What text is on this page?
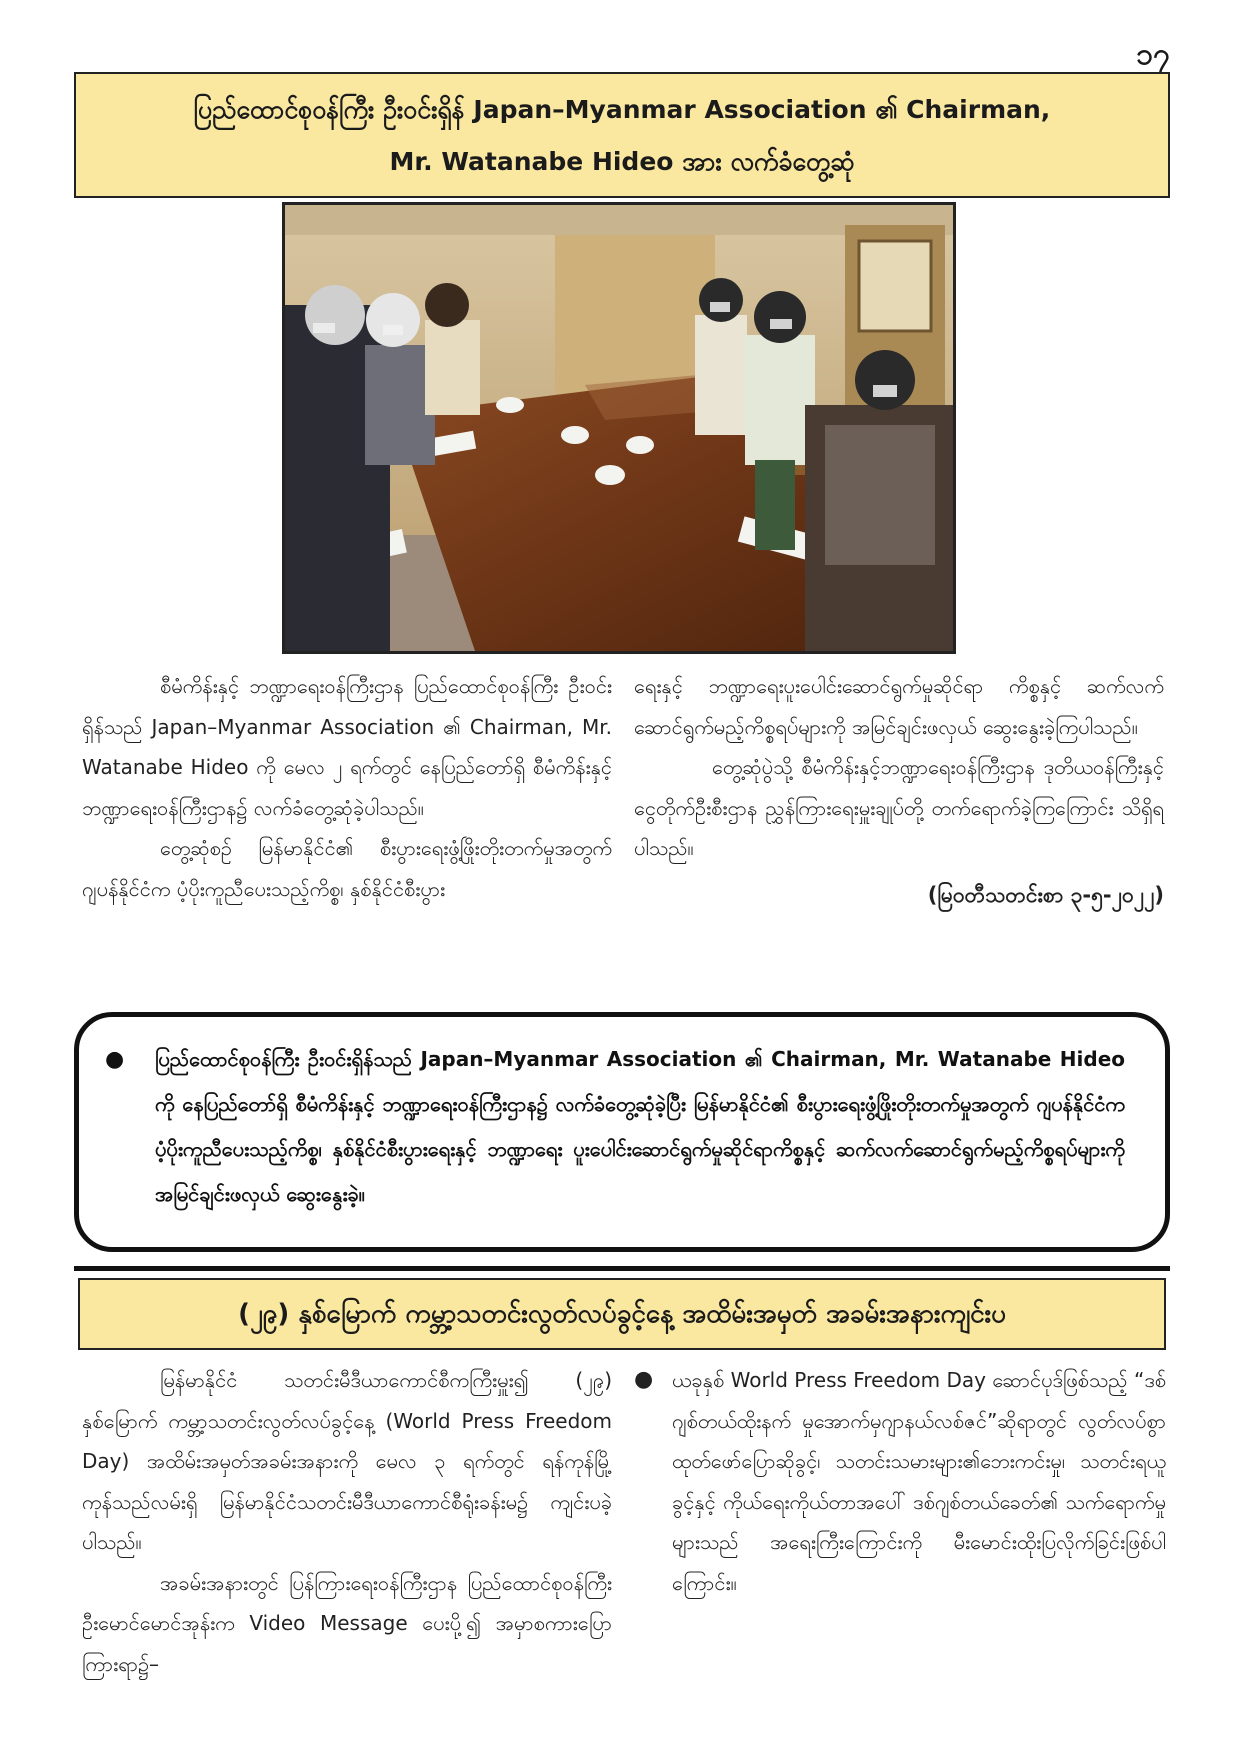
၁၇
ပြည်ထောင်စုဝန်ကြီး ဦးဝင်းရှိန် Japan–Myanmar Association ၏ Chairman,
Mr. Watanabe Hideo အား လက်ခံတွေ့ဆုံ

စီမံကိန်းနှင့် ဘဏ္ဍာရေးဝန်ကြီးဌာန ပြည်ထောင်စုဝန်ကြီး ဦးဝင်းရှိန်သည် Japan–Myanmar Association ၏ Chairman, Mr. Watanabe Hideo ကို မေလ ၂ ရက်တွင် နေပြည်တော်ရှိ စီမံကိန်းနှင့်ဘဏ္ဍာရေးဝန်ကြီးဌာန၌ လက်ခံတွေ့ဆုံခဲ့ပါသည်။

တွေ့ဆုံစဉ် မြန်မာနိုင်ငံ၏ စီးပွားရေးဖွံ့ဖြိုးတိုးတက်မှုအတွက် ဂျပန်နိုင်ငံက ပံ့ပိုးကူညီပေးသည့်ကိစ္စ၊ နှစ်နိုင်ငံစီးပွား

ရေးနှင့် ဘဏ္ဍာရေးပူးပေါင်းဆောင်ရွက်မှုဆိုင်ရာ ကိစ္စနှင့် ဆက်လက်ဆောင်ရွက်မည့်ကိစ္စရပ်များကို အမြင်ချင်းဖလှယ် ဆွေးနွေးခဲ့ကြပါသည်။

တွေ့ဆုံပွဲသို့ စီမံကိန်းနှင့်ဘဏ္ဍာရေးဝန်ကြီးဌာန ဒုတိယဝန်ကြီးနှင့် ငွေတိုက်ဦးစီးဌာန ညွှန်ကြားရေးမှူးချုပ်တို့ တက်ရောက်ခဲ့ကြကြောင်း သိရှိရပါသည်။

(မြဝတီသတင်းစာ ၃-၅-၂၀၂၂)

●	ပြည်ထောင်စုဝန်ကြီး ဦးဝင်းရှိန်သည် Japan–Myanmar Association ၏ Chairman, Mr. Watanabe Hideo ကို နေပြည်တော်ရှိ စီမံကိန်းနှင့် ဘဏ္ဍာရေးဝန်ကြီးဌာန၌ လက်ခံတွေ့ဆုံခဲ့ပြီး မြန်မာနိုင်ငံ၏ စီးပွားရေးဖွံ့ဖြိုးတိုးတက်မှုအတွက် ဂျပန်နိုင်ငံက ပံ့ပိုးကူညီပေးသည့်ကိစ္စ၊ နှစ်နိုင်ငံစီးပွားရေးနှင့် ဘဏ္ဍာရေး ပူးပေါင်းဆောင်ရွက်မှုဆိုင်ရာကိစ္စနှင့် ဆက်လက်ဆောင်ရွက်မည့်ကိစ္စရပ်များကို အမြင်ချင်းဖလှယ် ဆွေးနွေးခဲ့။
(၂၉) နှစ်မြောက် ကမ္ဘာ့သတင်းလွတ်လပ်ခွင့်နေ့ အထိမ်းအမှတ် အခမ်းအနားကျင်းပ

မြန်မာနိုင်ငံ သတင်းမီဒီယာကောင်စီကကြီးမှူး၍ (၂၉) နှစ်မြောက် ကမ္ဘာ့သတင်းလွတ်လပ်ခွင့်နေ့ (World Press Freedom Day) အထိမ်းအမှတ်အခမ်းအနားကို မေလ ၃ ရက်တွင် ရန်ကုန်မြို့ ကုန်သည်လမ်းရှိ မြန်မာနိုင်ငံသတင်းမီဒီယာကောင်စီရုံးခန်းမ၌ ကျင်းပခဲ့ပါသည်။

အခမ်းအနားတွင် ပြန်ကြားရေးဝန်ကြီးဌာန ပြည်ထောင်စုဝန်ကြီး ဦးမောင်မောင်အုန်းက Video Message ပေးပို့၍ အမှာစကားပြောကြားရာ၌–

● ယခုနှစ် World Press Freedom Day ဆောင်ပုဒ်ဖြစ်သည့် “ဒစ်ဂျစ်တယ်ထိုးနက် မှုအောက်မှဂျာနယ်လစ်ဇင်”ဆိုရာတွင် လွတ်လပ်စွာထုတ်ဖော်ပြောဆိုခွင့်၊ သတင်းသမားများ၏ဘေးကင်းမှု၊ သတင်းရယူခွင့်နှင့် ကိုယ်ရေးကိုယ်တာအပေါ် ဒစ်ဂျစ်တယ်ခေတ်၏ သက်ရောက်မှုများသည် အရေးကြီးကြောင်းကို မီးမောင်းထိုးပြလိုက်ခြင်းဖြစ်ပါကြောင်း။
